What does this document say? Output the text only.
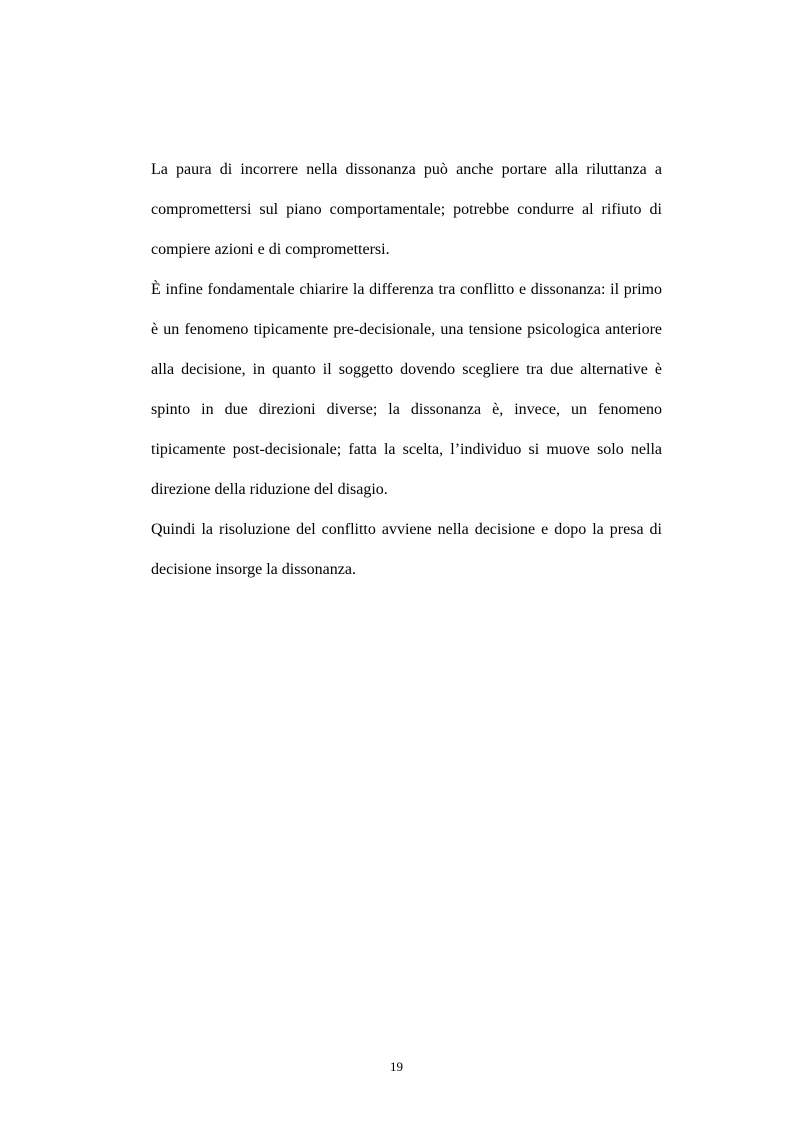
La paura di incorrere nella dissonanza può anche portare alla riluttanza a compromettersi sul piano comportamentale; potrebbe condurre al rifiuto di compiere azioni e di compromettersi.

È infine fondamentale chiarire la differenza tra conflitto e dissonanza: il primo è un fenomeno tipicamente pre-decisionale, una tensione psicologica anteriore alla decisione, in quanto il soggetto dovendo scegliere tra due alternative è spinto in due direzioni diverse; la dissonanza è, invece, un fenomeno tipicamente post-decisionale; fatta la scelta, l’individuo si muove solo nella direzione della riduzione del disagio.

Quindi la risoluzione del conflitto avviene nella decisione e dopo la presa di decisione insorge la dissonanza.

19
